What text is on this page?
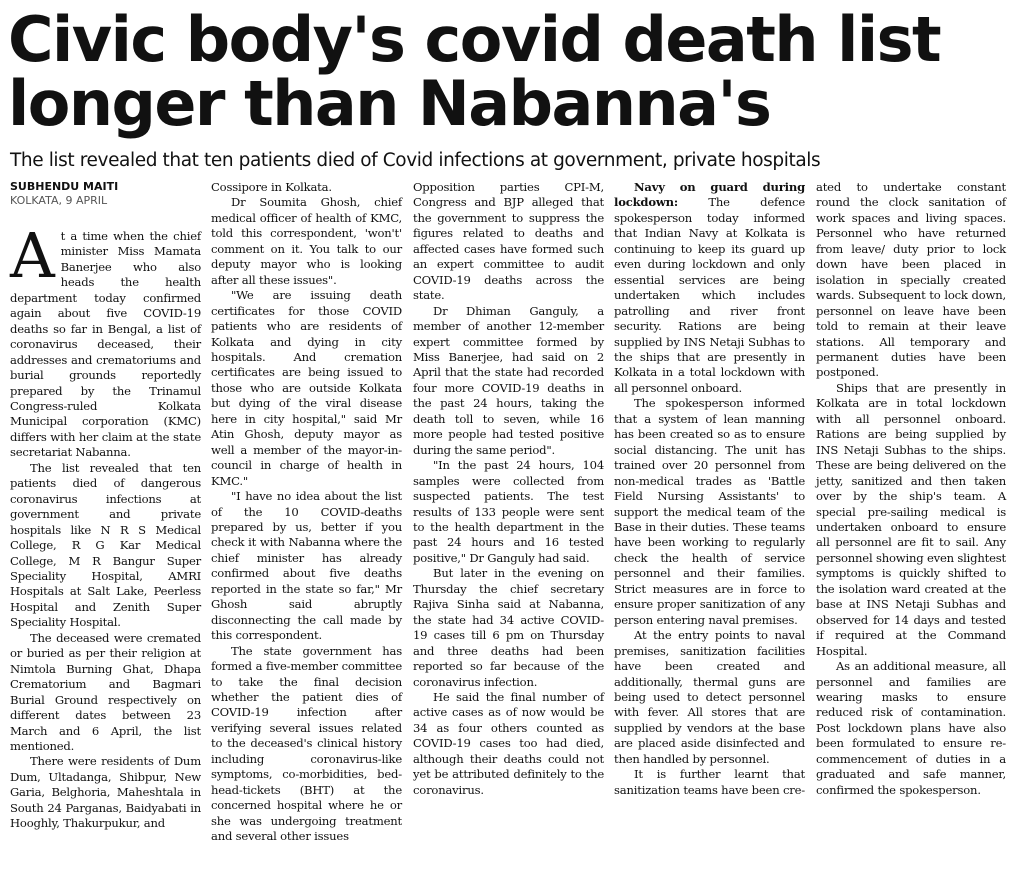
Civic body's covid death list longer than Nabanna's
The list revealed that ten patients died of Covid infections at government, private hospitals
SUBHENDU MAITI
KOLKATA, 9 APRIL

At a time when the chief minister Miss Mamata Banerjee who also heads the health department today confirmed again about five COVID-19 deaths so far in Bengal, a list of coronavirus deceased, their addresses and crematoriums and burial grounds reportedly prepared by the Trinamul Congress-ruled Kolkata Municipal corporation (KMC) differs with her claim at the state secretariat Nabanna.

The list revealed that ten patients died of dangerous coronavirus infections at government and private hospitals like N R S Medical College, R G Kar Medical College, M R Bangur Super Speciality Hospital, AMRI Hospitals at Salt Lake, Peerless Hospital and Zenith Super Speciality Hospital.

The deceased were cremated or buried as per their religion at Nimtola Burning Ghat, Dhapa Crematorium and Bagmari Burial Ground respectively on different dates between 23 March and 6 April, the list mentioned.

There were residents of Dum Dum, Ultadanga, Shibpur, New Garia, Belghoria, Maheshtala in South 24 Parganas, Baidyabati in Hooghly, Thakurpukur, and

Cossipore in Kolkata.

Dr Soumita Ghosh, chief medical officer of health of KMC, told this correspondent, 'won't' comment on it. You talk to our deputy mayor who is looking after all these issues".

"We are issuing death certificates for those COVID patients who are residents of Kolkata and dying in city hospitals. And cremation certificates are being issued to those who are outside Kolkata but dying of the viral disease here in city hospital," said Mr Atin Ghosh, deputy mayor as well a member of the mayor-in-council in charge of health in KMC."

"I have no idea about the list of the 10 COVID-deaths prepared by us, better if you check it with Nabanna where the chief minister has already confirmed about five deaths reported in the state so far," Mr Ghosh said abruptly disconnecting the call made by this correspondent.

The state government has formed a five-member committee to take the final decision whether the patient dies of COVID-19 infection after verifying several issues related to the deceased's clinical history including coronavirus-like symptoms, co-morbidities, bed-head-tickets (BHT) at the concerned hospital where he or she was undergoing treatment and several other issues

Opposition parties CPI-M, Congress and BJP alleged that the government to suppress the figures related to deaths and affected cases have formed such an expert committee to audit COVID-19 deaths across the state.

Dr Dhiman Ganguly, a member of another 12-member expert committee formed by Miss Banerjee, had said on 2 April that the state had recorded four more COVID-19 deaths in the past 24 hours, taking the death toll to seven, while 16 more people had tested positive during the same period".

"In the past 24 hours, 104 samples were collected from suspected patients. The test results of 133 people were sent to the health department in the past 24 hours and 16 tested positive," Dr Ganguly had said.

But later in the evening on Thursday the chief secretary Rajiva Sinha said at Nabanna, the state had 34 active COVID-19 cases till 6 pm on Thursday and three deaths had been reported so far because of the coronavirus infection.

He said the final number of active cases as of now would be 34 as four others counted as COVID-19 cases too had died, although their deaths could not yet be attributed definitely to the coronavirus.

Navy on guard during lockdown: The defence spokesperson today informed that Indian Navy at Kolkata is continuing to keep its guard up even during lockdown and only essential services are being undertaken which includes patrolling and river front security. Rations are being supplied by INS Netaji Subhas to the ships that are presently in Kolkata in a total lockdown with all personnel onboard.

The spokesperson informed that a system of lean manning has been created so as to ensure social distancing. The unit has trained over 20 personnel from non-medical trades as 'Battle Field Nursing Assistants' to support the medical team of the Base in their duties. These teams have been working to regularly check the health of service personnel and their families. Strict measures are in force to ensure proper sanitization of any person entering naval premises.

At the entry points to naval premises, sanitization facilities have been created and additionally, thermal guns are being used to detect personnel with fever. All stores that are supplied by vendors at the base are placed aside disinfected and then handled by personnel.

It is further learnt that sanitization teams have been cre-

ated to undertake constant round the clock sanitation of work spaces and living spaces. Personnel who have returned from leave/ duty prior to lock down have been placed in isolation in specially created wards. Subsequent to lock down, personnel on leave have been told to remain at their leave stations. All temporary and permanent duties have been postponed.

Ships that are presently in Kolkata are in total lockdown with all personnel onboard. Rations are being supplied by INS Netaji Subhas to the ships. These are being delivered on the jetty, sanitized and then taken over by the ship's team. A special pre-sailing medical is undertaken onboard to ensure all personnel are fit to sail. Any personnel showing even slightest symptoms is quickly shifted to the isolation ward created at the base at INS Netaji Subhas and observed for 14 days and tested if required at the Command Hospital.

As an additional measure, all personnel and families are wearing masks to ensure reduced risk of contamination. Post lockdown plans have also been formulated to ensure re-commencement of duties in a graduated and safe manner, confirmed the spokesperson.
